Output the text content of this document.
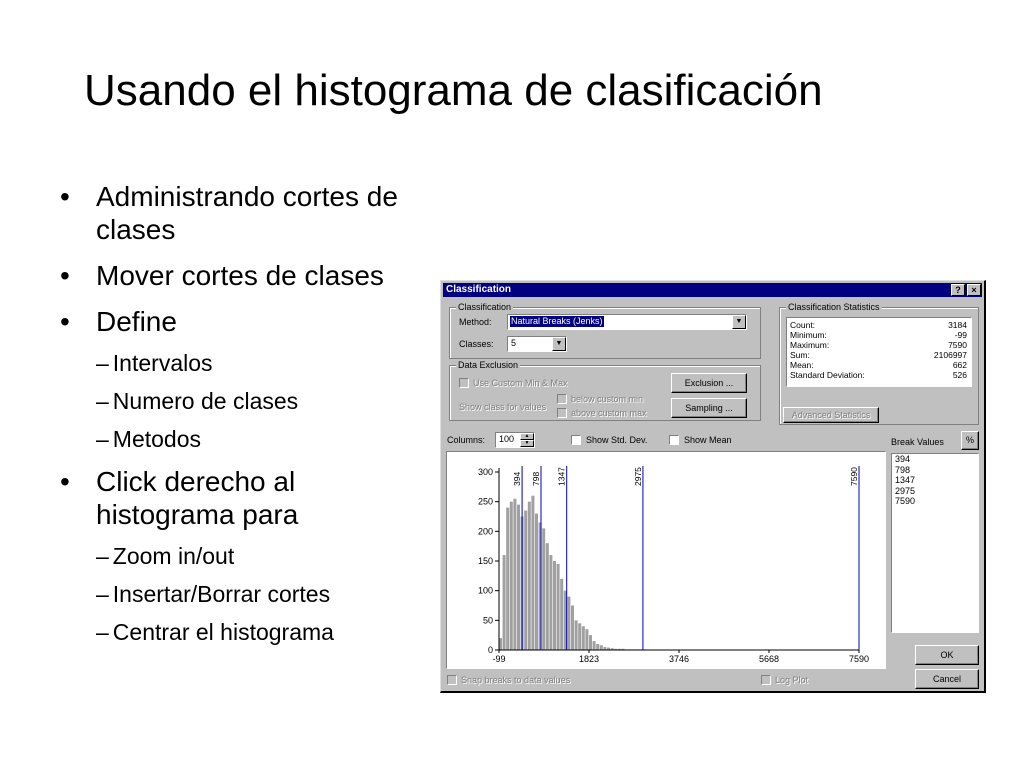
Usando el histograma de clasificación
• Administrando cortes de clases
• Mover cortes de clases
• Define
– Intervalos
– Numero de clases
– Metodos
• Click derecho al histograma para
– Zoom in/out
– Insertar/Borrar cortes
– Centrar el histograma
Classification	?	×
Classification
Method: Natural Breaks (Jenks)	▼
Classes: 5	▼
Data Exclusion
Use Custom Min & Max
Show class for values
below custom min
above custom max
Exclusion ...
Sampling ...
Classification Statistics
Count:	3184
Minimum:	-99
Maximum:	7590
Sum:	2106997
Mean:	662
Standard Deviation:	526
Advanced Statistics
Columns: 100	▲
▼	Show Std. Dev.	Show Mean	Break Values	%
0
50
100
150
200
250
300
-99	1823	3746	5668	7590
394 798 1347	2975	7590
394
798
1347
2975
7590
OK
Cancel
Snap breaks to data values	Log Plot
